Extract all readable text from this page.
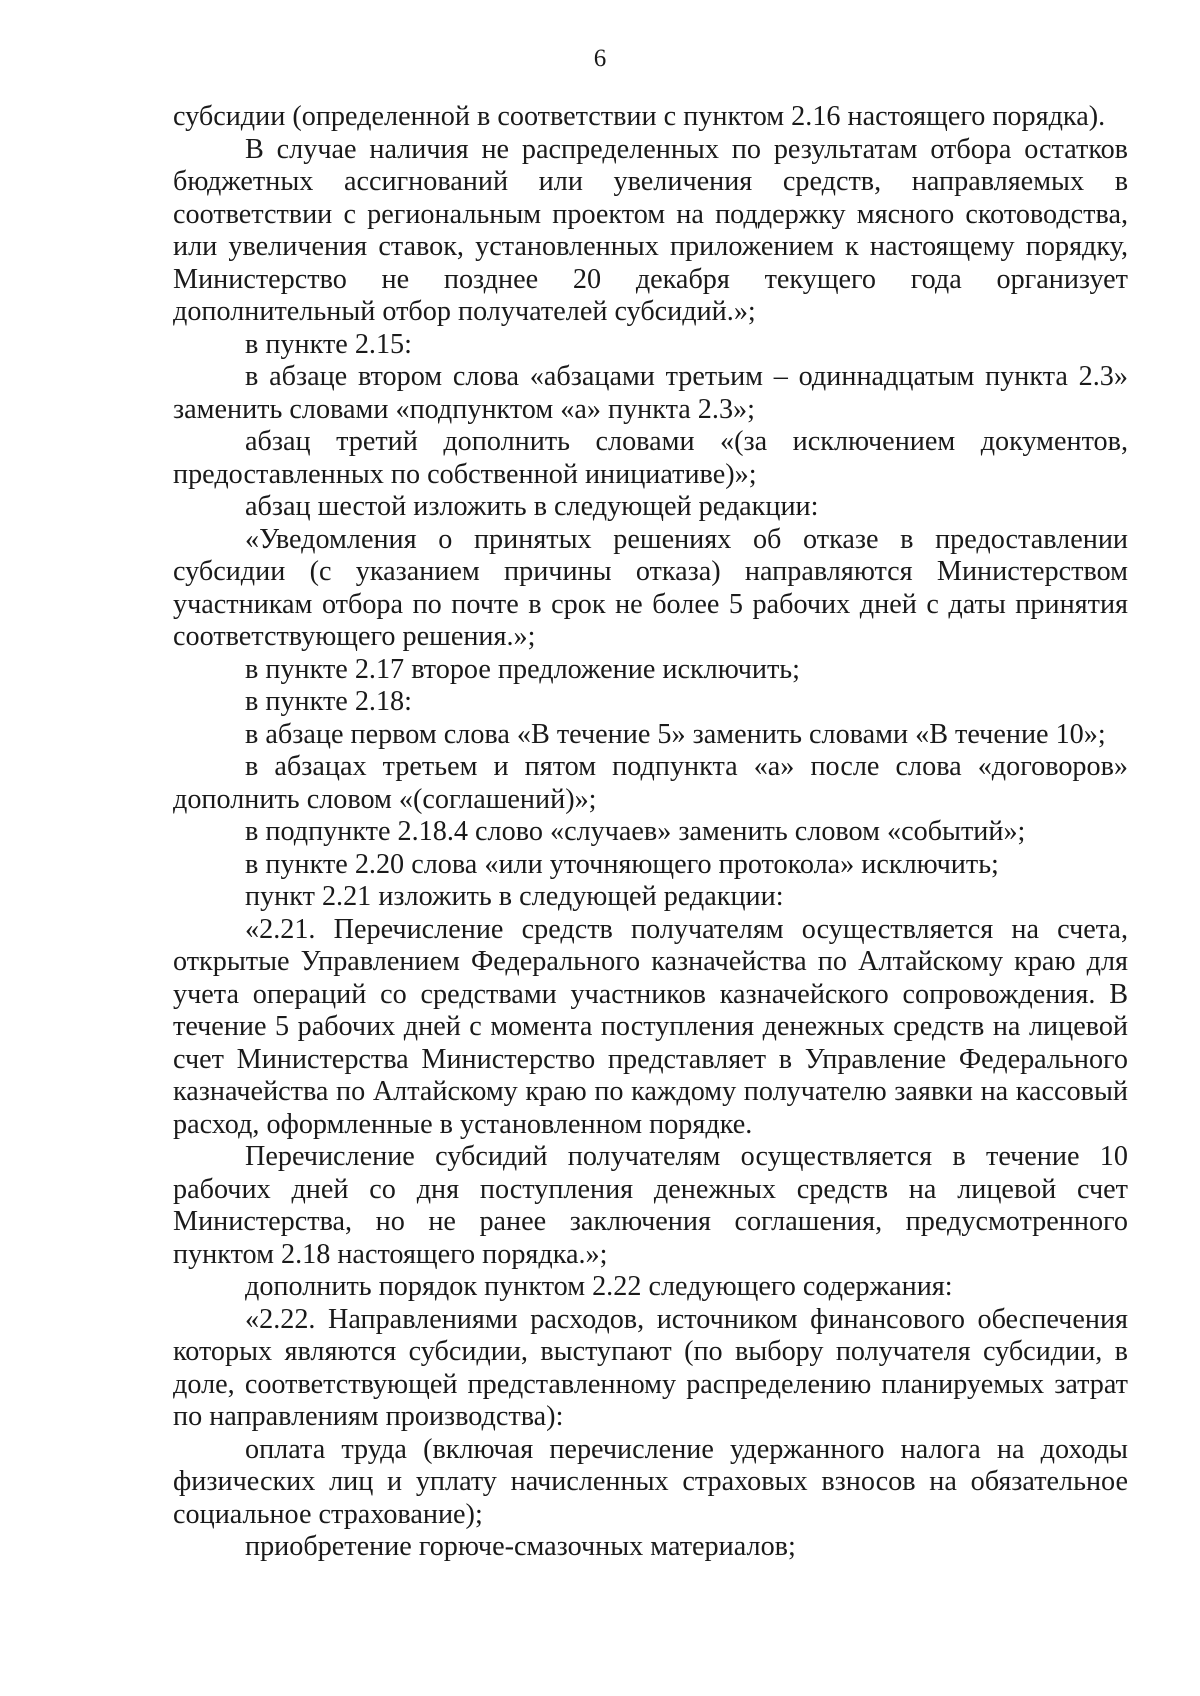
6

субсидии (определенной в соответствии с пунктом 2.16 настоящего порядка).

В случае наличия не распределенных по результатам отбора остатков бюджетных ассигнований или увеличения средств, направляемых в соответствии с региональным проектом на поддержку мясного скотоводства, или увеличения ставок, установленных приложением к настоящему порядку, Министерство не позднее 20 декабря текущего года организует дополнительный отбор получателей субсидий.»;

в пункте 2.15:

в абзаце втором слова «абзацами третьим – одиннадцатым пункта 2.3» заменить словами «подпунктом «а» пункта 2.3»;

абзац третий дополнить словами «(за исключением документов, предоставленных по собственной инициативе)»;

абзац шестой изложить в следующей редакции:

«Уведомления о принятых решениях об отказе в предоставлении субсидии (с указанием причины отказа) направляются Министерством участникам отбора по почте в срок не более 5 рабочих дней с даты принятия соответствующего решения.»;

в пункте 2.17 второе предложение исключить;

в пункте 2.18:

в абзаце первом слова «В течение 5» заменить словами «В течение 10»;

в абзацах третьем и пятом подпункта «а» после слова «договоров» дополнить словом «(соглашений)»;

в подпункте 2.18.4 слово «случаев» заменить словом «событий»;

в пункте 2.20 слова «или уточняющего протокола» исключить;

пункт 2.21 изложить в следующей редакции:

«2.21. Перечисление средств получателям осуществляется на счета, открытые Управлением Федерального казначейства по Алтайскому краю для учета операций со средствами участников казначейского сопровождения. В течение 5 рабочих дней с момента поступления денежных средств на лицевой счет Министерства Министерство представляет в Управление Федерального казначейства по Алтайскому краю по каждому получателю заявки на кассовый расход, оформленные в установленном порядке.

Перечисление субсидий получателям осуществляется в течение 10 рабочих дней со дня поступления денежных средств на лицевой счет Министерства, но не ранее заключения соглашения, предусмотренного пунктом 2.18 настоящего порядка.»;

дополнить порядок пунктом 2.22 следующего содержания:

«2.22. Направлениями расходов, источником финансового обеспечения которых являются субсидии, выступают (по выбору получателя субсидии, в доле, соответствующей представленному распределению планируемых затрат по направлениям производства):

оплата труда (включая перечисление удержанного налога на доходы физических лиц и уплату начисленных страховых взносов на обязательное социальное страхование);

приобретение горюче-смазочных материалов;
